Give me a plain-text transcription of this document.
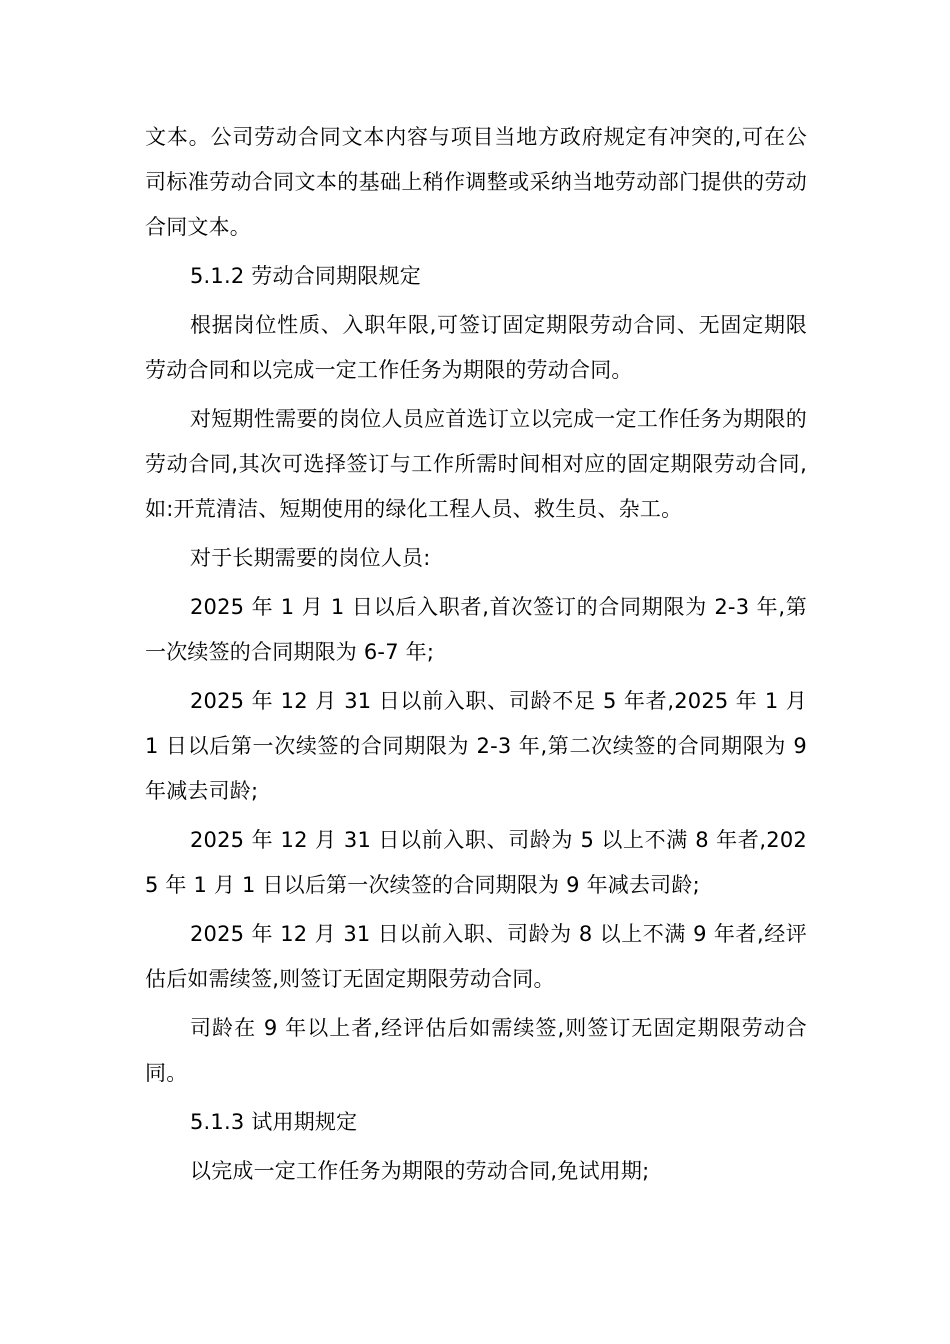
文本。公司劳动合同文本内容与项目当地方政府规定有冲突的,可在公司标准劳动合同文本的基础上稍作调整或采纳当地劳动部门提供的劳动合同文本。

5.1.2 劳动合同期限规定

根据岗位性质、入职年限,可签订固定期限劳动合同、无固定期限劳动合同和以完成一定工作任务为期限的劳动合同。

对短期性需要的岗位人员应首选订立以完成一定工作任务为期限的劳动合同,其次可选择签订与工作所需时间相对应的固定期限劳动合同,如:开荒清洁、短期使用的绿化工程人员、救生员、杂工。

对于长期需要的岗位人员:

2025 年 1 月 1 日以后入职者,首次签订的合同期限为 2-3 年,第一次续签的合同期限为 6-7 年;

2025 年 12 月 31 日以前入职、司龄不足 5 年者,2025 年 1 月 1 日以后第一次续签的合同期限为 2-3 年,第二次续签的合同期限为 9 年减去司龄;

2025 年 12 月 31 日以前入职、司龄为 5 以上不满 8 年者,2025 年 1 月 1 日以后第一次续签的合同期限为 9 年减去司龄;

2025 年 12 月 31 日以前入职、司龄为 8 以上不满 9 年者,经评估后如需续签,则签订无固定期限劳动合同。

司龄在 9 年以上者,经评估后如需续签,则签订无固定期限劳动合同。

5.1.3 试用期规定

以完成一定工作任务为期限的劳动合同,免试用期;
